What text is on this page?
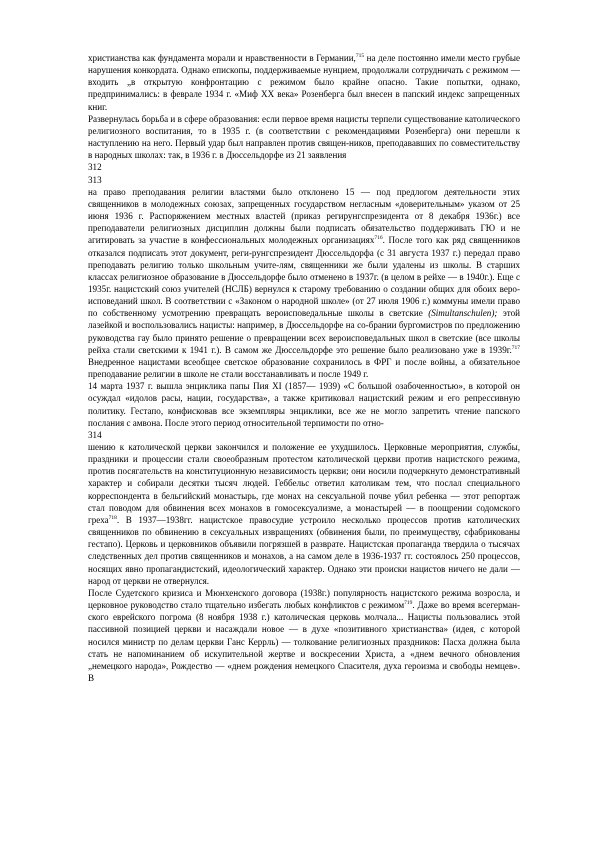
христианства как фундамента морали и нравственности в Германии,$^{715}$ на деле постоянно имели место грубые нарушения конкордата. Однако епископы, поддерживаемые нунцием, продолжали сотрудничать с режимом — входить „в открытую конфронтацию с режимом было крайне опасно. Такие попытки, однако, предпринимались: в феврале 1934 г. «Миф XX века» Розенберга был внесен в папский индекс запрещенных книг.

Развернулась борьба и в сфере образования: если первое время нацисты терпели существование католического религиозного воспитания, то в 1935 г. (в соответствии с рекомендациями Розенберга) они перешли к наступлению на него. Первый удар был направлен против священ-ников, преподававших по совместительству в народных школах: так, в 1936 г. в Дюссельдорфе из 21 заявления

312

313

на право преподавания религии властями было отклонено 15 — под предлогом деятельности этих священников в молодежных союзах, запрещенных государством негласным «доверительным» указом от 25 июня 1936 г. Распоряжением местных властей (приказ регирунгспрезидента от 8 декабря 1936г.) все преподаватели религиозных дисциплин должны были подписать обязательство поддерживать ГЮ и не агитировать за участие в конфессиональных молодежных организациях$^{716}$. После того как ряд священников отказался подписать этот документ, реги-рунгспрезидент Дюссельдорфа (с 31 августа 1937 г.) передал право преподавать религию только школьным учите-лям, священники же были удалены из школы. В старших классах религиозное образование в Дюссельдорфе было отменено в 1937г. (в целом в рейхе — в 1940г.). Еще с 1935г. нацистский союз учителей (НСЛБ) вернулся к старому требованию о создании общих для обоих веро-исповеданий школ. В соответствии с «Законом о народной школе» (от 27 июля 1906 г.) коммуны имели право по собственному усмотрению превращать вероисповедальные школы в светские (Simultanschulen); этой лазейкой и воспользовались нацисты: например, в Дюссельдорфе на со-брании бургомистров по предложению руководства гау было принято решение о превращении всех вероисповедальных школ в светские (все школы рейха стали светскими к 1941 г.). В самом же Дюссельдорфе это решение было реализовано уже в 1939г.$^{717}$ Внедренное нацистами всеобщее светское образование сохранилось в ФРГ и после войны, а обязательное преподавание религии в школе не стали восстанавливать и после 1949 г.

14 марта 1937 г. вышла энциклика папы Пия XI (1857— 1939) «С большой озабоченностью», в которой он осуждал «идолов расы, нации, государства», а также критиковал нацистский режим и его репрессивную политику. Гестапо, конфисковав все экземпляры энциклики, все же не могло запретить чтение папского послания с амвона. После этого период относительной терпимости по отно-

314

шению к католической церкви закончился и положение ее ухудшилось. Церковные мероприятия, службы, праздники и процессии стали своеобразным протестом католической церкви против нацистского режима, против посягательств на конституционную независимость церкви; они носили подчеркнуто демонстративный характер и собирали десятки тысяч людей. Геббельс ответил католикам тем, что послал специального корреспондента в бельгийский монастырь, где монах на сексуальной почве убил ребенка — этот репортаж стал поводом для обвинения всех монахов в гомосексуализме, а монастырей — в поощрении содомского греха$^{718}$. В 1937—1938гг. нацистское правосудие устроило несколько процессов против католических священников по обвинению в сексуальных извращениях (обвинения были, по преимуществу, сфабрикованы гестапо). Церковь и церковников объявили погрязшей в разврате. Нацистская пропаганда твердила о тысячах следственных дел против священников и монахов, а на самом деле в 1936-1937 гг. состоялось 250 процессов, носящих явно пропагандистский, идеологический характер. Однако эти происки нацистов ничего не дали — народ от церкви не отвернулся.

После Судетского кризиса и Мюнхенского договора (1938г.) популярность нацистского режима возросла, и церковное руководство стало тщательно избегать любых конфликтов с режимом$^{719}$. Даже во время всегерман-ского еврейского погрома (8 ноября 1938 г.) католическая церковь молчала... Нацисты пользовались этой пассивной позицией церкви и насаждали новое — в духе «позитивного христианства» (идея, с которой носился министр по делам церкви Ганс Керрль) — толкование религиозных праздников: Пасха должна была стать не напоминанием об искупительной жертве и воскресении Христа, а «днем вечного обновления „немецкого народа», Рождество — «днем рождения немецкого Спасителя, духа героизма и свободы немцев». В
